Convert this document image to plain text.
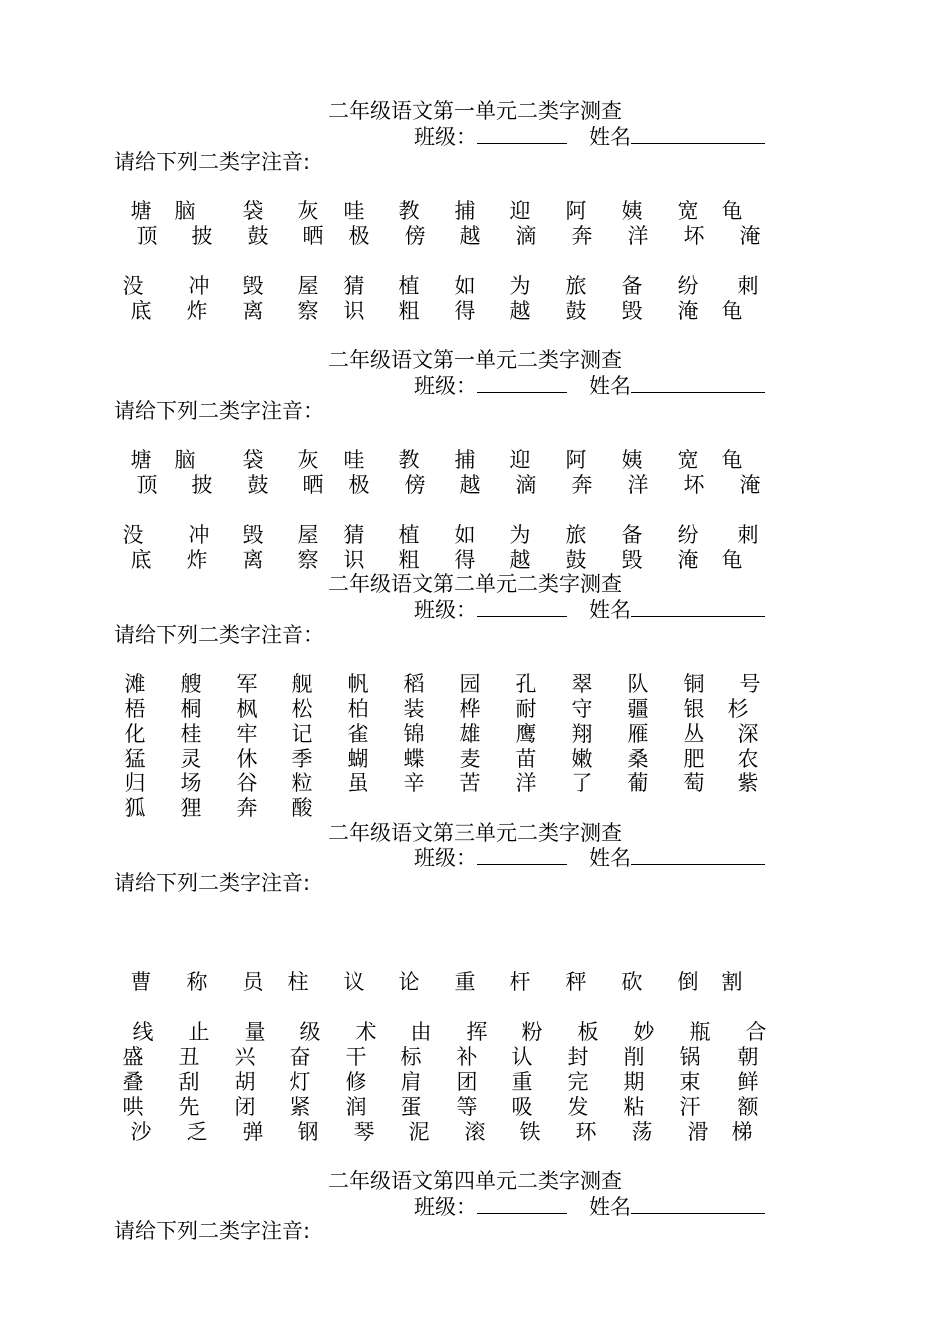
二年级语文第一单元二类字测查
班级：	姓名
请给下列二类字注音:
塘 脑 袋 灰 哇 教 捕 迎 阿 姨 宽 龟
顶 披 鼓 晒 极 傍 越 滴 奔 洋 坏 淹
没 冲 毁 屋 猜 植 如 为 旅 备 纷 刺
底 炸 离 察 识 粗 得 越 鼓 毁 淹 龟
二年级语文第一单元二类字测查
班级：	姓名
请给下列二类字注音：
塘 脑 袋 灰 哇 教 捕 迎 阿 姨 宽 龟
顶 披 鼓 晒 极 傍 越 滴 奔 洋 坏 淹
没 冲 毁 屋 猜 植 如 为 旅 备 纷 刺
底 炸 离 察 识 粗 得 越 鼓 毁 淹 龟
二年级语文第二单元二类字测查
班级：	姓名
请给下列二类字注音：
滩 艘 军 舰 帆 稻 园 孔 翠 队 铜 号
梧 桐 枫 松 柏 装 桦 耐 守 疆 银 杉
化 桂 牢 记 雀 锦 雄 鹰 翔 雁 丛 深
猛 灵 休 季 蝴 蝶 麦 苗 嫩 桑 肥 农
归 场 谷 粒 虽 辛 苦 洋 了 葡 萄 紫
狐 狸 奔 酸
二年级语文第三单元二类字测查
班级：	姓名
请给下列二类字注音:
曹 称 员 柱 议 论 重 杆 秤 砍 倒 割
线 止 量 级 术 由 挥 粉 板 妙 瓶 合
盛 丑 兴 奋 干 标 补 认 封 削 锅 朝
叠 刮 胡 灯 修 肩 团 重 完 期 束 鲜
哄 先 闭 紧 润 蛋 等 吸 发 粘 汗 额
沙 乏 弹 钢 琴 泥 滚 铁 环 荡 滑 梯
二年级语文第四单元二类字测查
班级：	姓名
请给下列二类字注音:
